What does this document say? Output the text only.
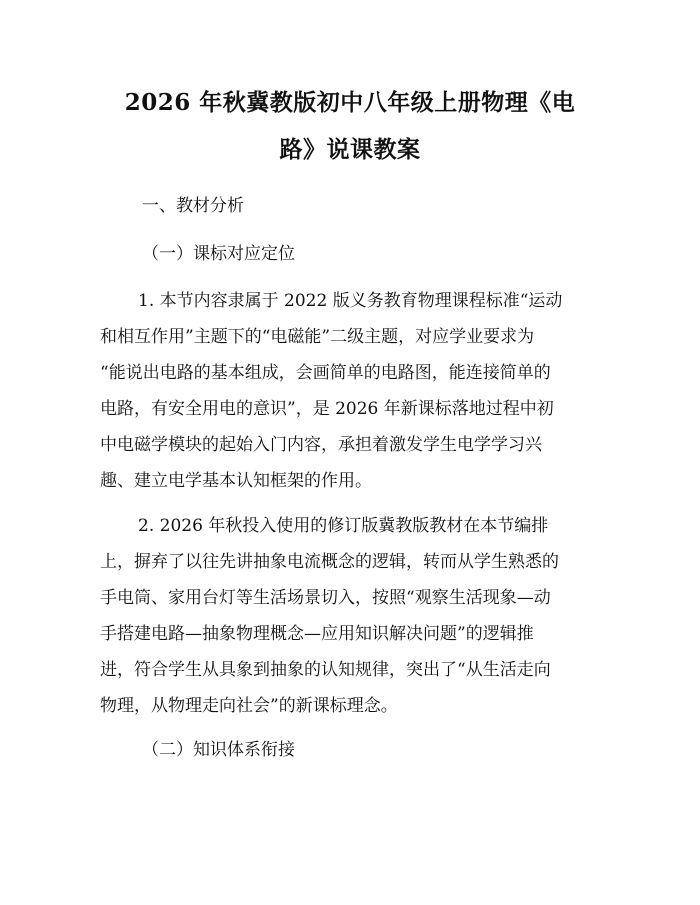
2026 年秋冀教版初中八年级上册物理《电
路》说课教案
一、教材分析
（一）课标对应定位
1. 本节内容隶属于 2022 版义务教育物理课程标准“运动
和相互作用”主题下的“电磁能”二级主题，对应学业要求为
“能说出电路的基本组成，会画简单的电路图，能连接简单的
电路，有安全用电的意识”，是 2026 年新课标落地过程中初
中电磁学模块的起始入门内容，承担着激发学生电学学习兴
趣、建立电学基本认知框架的作用。
2. 2026 年秋投入使用的修订版冀教版教材在本节编排
上，摒弃了以往先讲抽象电流概念的逻辑，转而从学生熟悉的
手电筒、家用台灯等生活场景切入，按照“观察生活现象—动
手搭建电路—抽象物理概念—应用知识解决问题”的逻辑推
进，符合学生从具象到抽象的认知规律，突出了“从生活走向
物理，从物理走向社会”的新课标理念。
（二）知识体系衔接
